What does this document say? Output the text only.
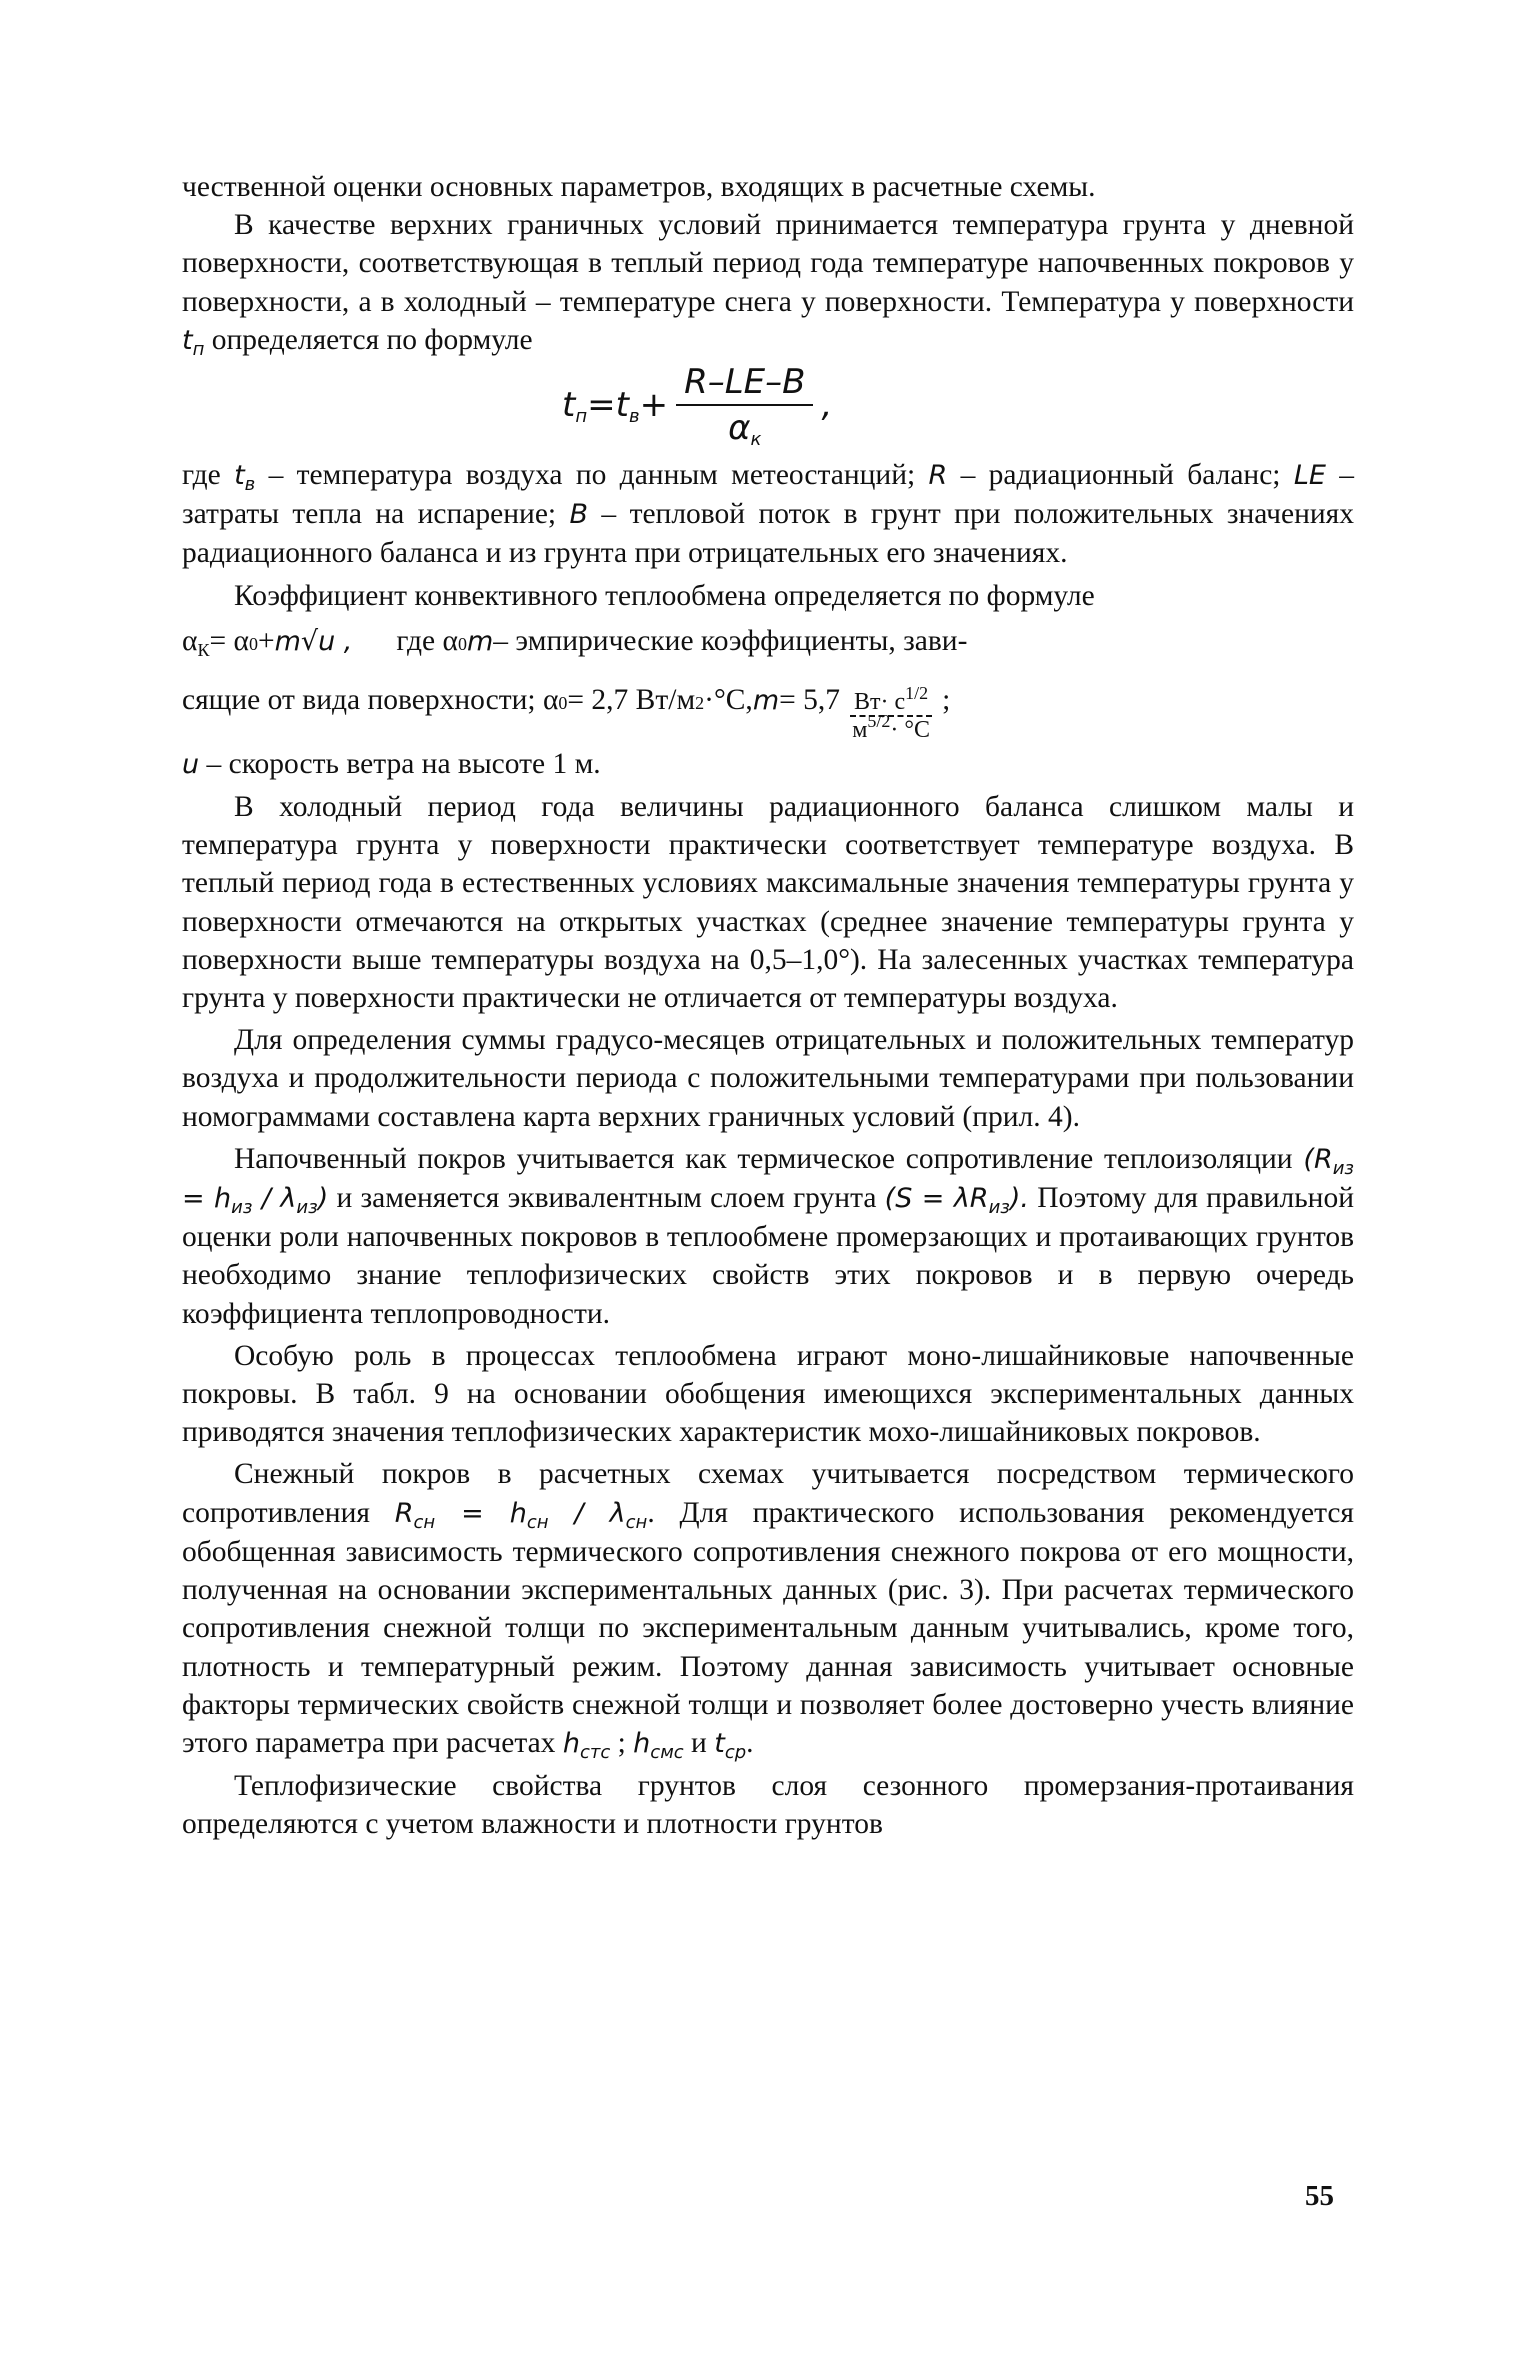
чественной оценки основных параметров, входящих в расчетные схемы.

В качестве верхних граничных условий принимается температура грунта у дневной поверхности, соответствующая в теплый период года температуре напочвенных покровов у поверхности, а в холодный – температуре снега у поверхности. Температура у поверхности $t_п$ определяется по формуле

$t_п = t_в + \frac{R-LE-B}{\alpha_к}$ ,

где $t_в$ – температура воздуха по данным метеостанций; R – радиационный баланс; LE – затраты тепла на испарение; B – тепловой поток в грунт при положительных значениях радиационного баланса и из грунта при отрицательных его значениях.

Коэффициент конвективного теплообмена определяется по формуле

$\alpha_К = \alpha$ 0 + m √u , где α 0 m – эмпирические коэффициенты, зави-
сящие от вида поверхности; α 0 = 2,7 Вт/м 2 ·°C, $m = 5,7 \frac{Вт\cdot с^{1/2}}{м^{5/2}\cdot ^\circ C}$ ;

u – скорость ветра на высоте 1 м.

В холодный период года величины радиационного баланса слишком малы и температура грунта у поверхности практически соответствует температуре воздуха. В теплый период года в естественных условиях максимальные значения температуры грунта у поверхности отмечаются на открытых участках (среднее значение температуры грунта у поверхности выше температуры воздуха на 0,5–1,0°). На залесенных участках температура грунта у поверхности практически не отличается от температуры воздуха.

Для определения суммы градусо-месяцев отрицательных и положительных температур воздуха и продолжительности периода с положительными температурами при пользовании номограммами составлена карта верхних граничных условий (прил. 4).

Напочвенный покров учитывается как термическое сопротивление теплоизоляции $(R_{из} = h_{из} / \lambda_{из})$ и заменяется эквивалентным слоем грунта $(S = \lambda R_{из})$. Поэтому для правильной оценки роли напочвенных покровов в теплообмене промерзающих и протаивающих грунтов необходимо знание теплофизических свойств этих покровов и в первую очередь коэффициента теплопроводности.

Особую роль в процессах теплообмена играют моно-лишайниковые напочвенные покровы. В табл. 9 на основании обобщения имеющихся экспериментальных данных приводятся значения теплофизических характеристик мохо-лишайниковых покровов.

Снежный покров в расчетных схемах учитывается посредством термического сопротивления $R_{сн} = h_{сн} / \lambda_{сн}$. Для практического использования рекомендуется обобщенная зависимость термического сопротивления снежного покрова от его мощности, полученная на основании экспериментальных данных (рис. 3). При расчетах термического сопротивления снежной толщи по экспериментальным данным учитывались, кроме того, плотность и температурный режим. Поэтому данная зависимость учитывает основные факторы термических свойств снежной толщи и позволяет более достоверно учесть влияние этого параметра при расчетах $h_{стс}$ ; $h_{смс}$ и $t_{ср}$.

Теплофизические свойства грунтов слоя сезонного промерзания-протаивания определяются с учетом влажности и плотности грунтов

55
